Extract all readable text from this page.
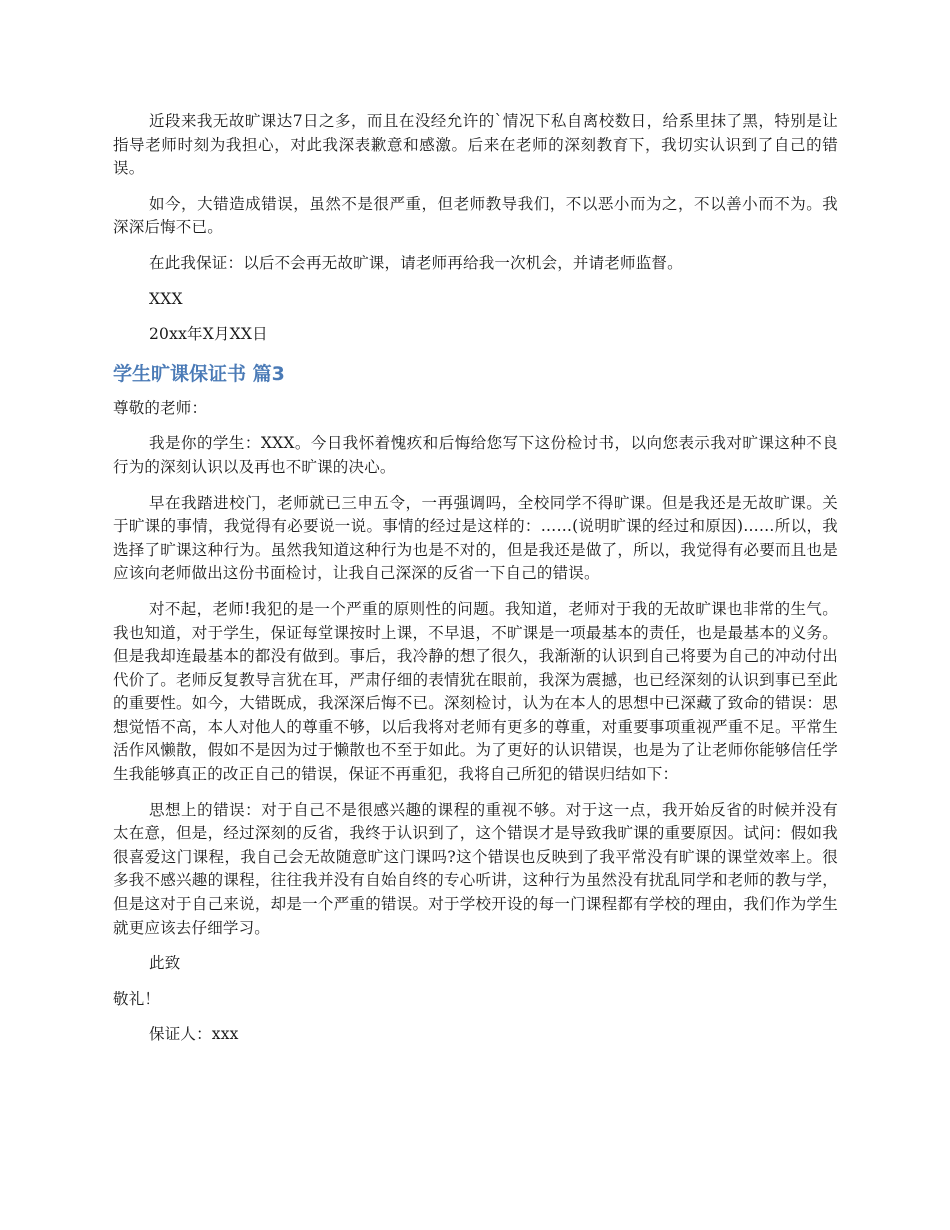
近段来我无故旷课达7日之多，而且在没经允许的`情况下私自离校数日，给系里抹了黑，特别是让指导老师时刻为我担心，对此我深表歉意和感激。后来在老师的深刻教育下，我切实认识到了自己的错误。

如今，大错造成错误，虽然不是很严重，但老师教导我们，不以恶小而为之，不以善小而不为。我深深后悔不已。

在此我保证：以后不会再无故旷课，请老师再给我一次机会，并请老师监督。

XXX

20xx年X月XX日

学生旷课保证书 篇3

尊敬的老师：

我是你的学生：XXX。今日我怀着愧疚和后悔给您写下这份检讨书，以向您表示我对旷课这种不良行为的深刻认识以及再也不旷课的决心。

早在我踏进校门，老师就已三申五令，一再强调吗，全校同学不得旷课。但是我还是无故旷课。关于旷课的事情，我觉得有必要说一说。事情的经过是这样的：……(说明旷课的经过和原因)……所以，我选择了旷课这种行为。虽然我知道这种行为也是不对的，但是我还是做了，所以，我觉得有必要而且也是应该向老师做出这份书面检讨，让我自己深深的反省一下自己的错误。

对不起，老师!我犯的是一个严重的原则性的问题。我知道，老师对于我的无故旷课也非常的生气。我也知道，对于学生，保证每堂课按时上课，不早退，不旷课是一项最基本的责任，也是最基本的义务。但是我却连最基本的都没有做到。事后，我冷静的想了很久，我渐渐的认识到自己将要为自己的冲动付出代价了。老师反复教导言犹在耳，严肃仔细的表情犹在眼前，我深为震撼，也已经深刻的认识到事已至此的重要性。如今，大错既成，我深深后悔不已。深刻检讨，认为在本人的思想中已深藏了致命的错误：思想觉悟不高，本人对他人的尊重不够，以后我将对老师有更多的尊重，对重要事项重视严重不足。平常生活作风懒散，假如不是因为过于懒散也不至于如此。为了更好的认识错误，也是为了让老师你能够信任学生我能够真正的改正自己的错误，保证不再重犯，我将自己所犯的错误归结如下：

思想上的错误：对于自己不是很感兴趣的课程的重视不够。对于这一点，我开始反省的时候并没有太在意，但是，经过深刻的反省，我终于认识到了，这个错误才是导致我旷课的重要原因。试问：假如我很喜爱这门课程，我自己会无故随意旷这门课吗?这个错误也反映到了我平常没有旷课的课堂效率上。很多我不感兴趣的课程，往往我并没有自始自终的专心听讲，这种行为虽然没有扰乱同学和老师的教与学，但是这对于自己来说，却是一个严重的错误。对于学校开设的每一门课程都有学校的理由，我们作为学生就更应该去仔细学习。

此致

敬礼！

保证人：xxx
